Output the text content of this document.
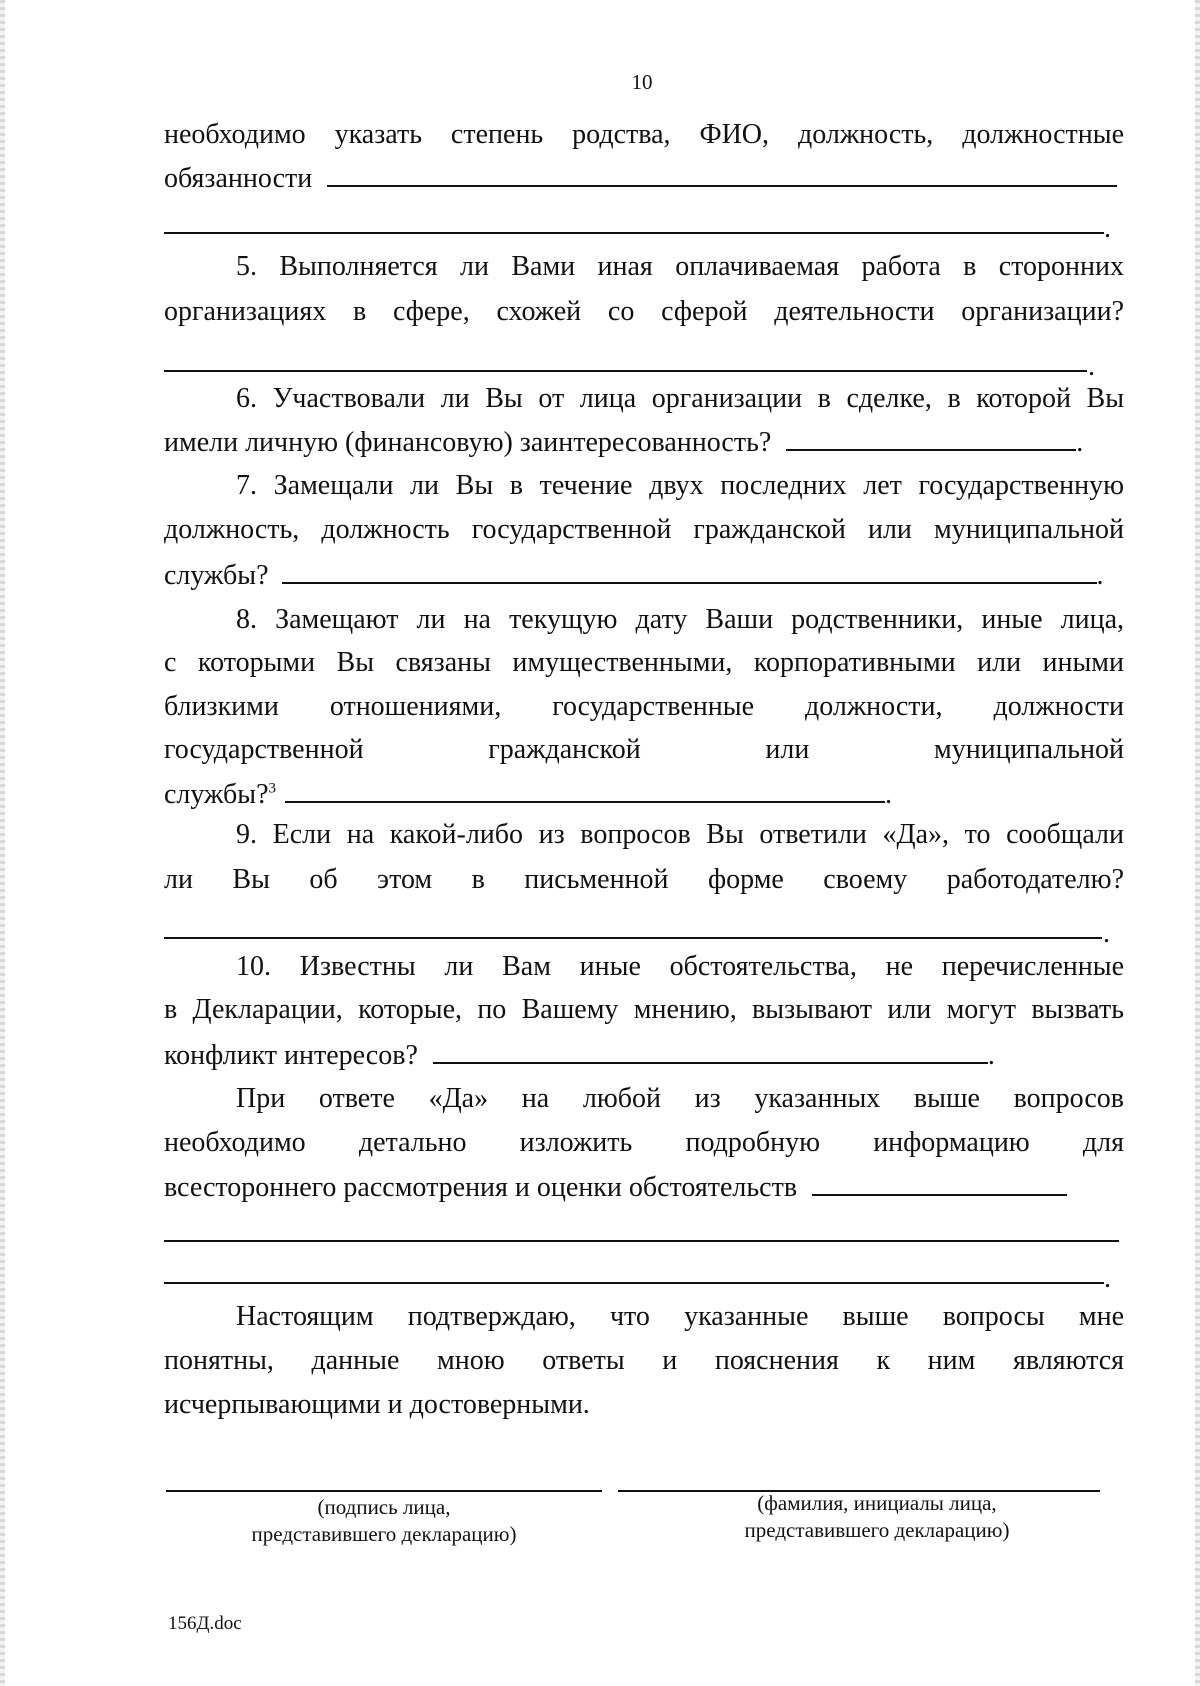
10
необходимо указать степень родства, ФИО, должность, должностные
обязанности
.
5. Выполняется ли Вами иная оплачиваемая работа в сторонних
организациях в сфере, схожей со сферой деятельности организации?
.
6. Участвовали ли Вы от лица организации в сделке, в которой Вы
имели личную (финансовую) заинтересованность?	.
7. Замещали ли Вы в течение двух последних лет государственную
должность, должность государственной гражданской или муниципальной
службы?	.
8. Замещают ли на текущую дату Ваши родственники, иные лица,
с которыми Вы связаны имущественными, корпоративными или иными
близкими отношениями, государственные должности, должности
государственной гражданской или муниципальной
службы?$^3$	.
9. Если на какой-либо из вопросов Вы ответили «Да», то сообщали
ли Вы об этом в письменной форме своему работодателю?
.
10. Известны ли Вам иные обстоятельства, не перечисленные
в Декларации, которые, по Вашему мнению, вызывают или могут вызвать
конфликт интересов?	.
При ответе «Да» на любой из указанных выше вопросов
необходимо детально изложить подробную информацию для
всестороннего рассмотрения и оценки обстоятельств
.
Настоящим подтверждаю, что указанные выше вопросы мне
понятны, данные мною ответы и пояснения к ним являются
исчерпывающими и достоверными.
(подпись лица,
представившего декларацию)
(фамилия, инициалы лица,
представившего декларацию)
156Д.doc
